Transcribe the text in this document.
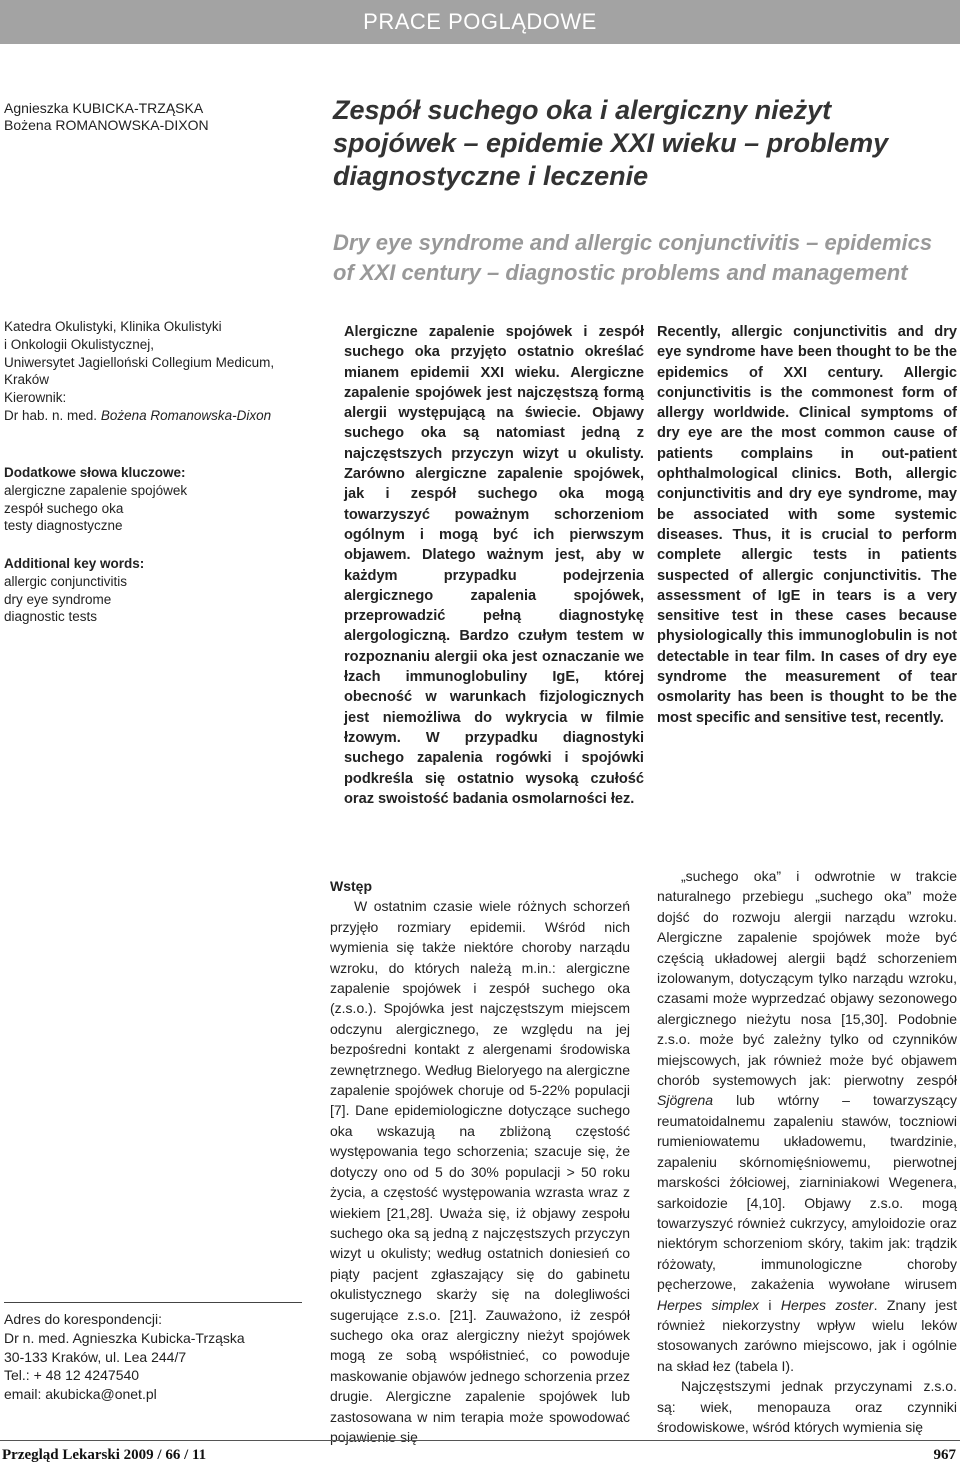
PRACE POGLĄDOWE
Agnieszka KUBICKA-TRZĄSKA
Bożena ROMANOWSKA-DIXON	Zespół suchego oka i alergiczny nieżyt spojówek – epidemie XXI wieku – problemy diagnostyczne i leczenie
Dry eye syndrome and allergic conjunctivitis – epidemics of XXI century – diagnostic problems and management
Katedra Okulistyki, Klinika Okulistyki
i Onkologii Okulistycznej,
Uniwersytet Jagielloński Collegium Medicum,
Kraków
Kierownik:
Dr hab. n. med. Bożena Romanowska-Dixon
Dodatkowe słowa kluczowe:
alergiczne zapalenie spojówek
zespół suchego oka
testy diagnostyczne
Additional key words:
allergic conjunctivitis
dry eye syndrome
diagnostic tests
Alergiczne zapalenie spojówek i zespół suchego oka przyjęto ostatnio określać mianem epidemii XXI wieku. Alergiczne zapalenie spojówek jest najczęstszą formą alergii występującą na świecie. Objawy suchego oka są natomiast jedną z najczęstszych przyczyn wizyt u okulisty. Zarówno alergiczne zapalenie spojówek, jak i zespół suchego oka mogą towarzyszyć poważnym schorzeniom ogólnym i mogą być ich pierwszym objawem. Dlatego ważnym jest, aby w każdym przypadku podejrzenia alergicznego zapalenia spojówek, przeprowadzić pełną diagnostykę alergologiczną. Bardzo czułym testem w rozpoznaniu alergii oka jest oznaczanie we łzach immunoglobuliny IgE, której obecność w warunkach fizjologicznych jest niemożliwa do wykrycia w filmie łzowym. W przypadku diagnostyki suchego zapalenia rogówki i spojówki podkreśla się ostatnio wysoką czułość oraz swoistość badania osmolarności łez.
Recently, allergic conjunctivitis and dry eye syndrome have been thought to be the epidemics of XXI century. Allergic conjunctivitis is the commonest form of allergy worldwide. Clinical symptoms of dry eye are the most common cause of patients complains in out-patient ophthalmological clinics. Both, allergic conjunctivitis and dry eye syndrome, may be associated with some systemic diseases. Thus, it is crucial to perform complete allergic tests in patients suspected of allergic conjunctivitis. The assessment of IgE in tears is a very sensitive test in these cases because physiologically this immunoglobulin is not detectable in tear film. In cases of dry eye syndrome the measurement of tear osmolarity has been is thought to be the most specific and sensitive test, recently.

Wstęp

W ostatnim czasie wiele różnych schorzeń przyjęło rozmiary epidemii. Wśród nich wymienia się także niektóre choroby narządu wzroku, do których należą m.in.: alergiczne zapalenie spojówek i zespół suchego oka (z.s.o.). Spojówka jest najczęstszym miejscem odczynu alergicznego, ze względu na jej bezpośredni kontakt z alergenami środowiska zewnętrznego. Według Bieloryego na alergiczne zapalenie spojówek choruje od 5-22% populacji [7]. Dane epidemiologiczne dotyczące suchego oka wskazują na zbliżoną częstość występowania tego schorzenia; szacuje się, że dotyczy ono od 5 do 30% populacji > 50 roku życia, a częstość występowania wzrasta wraz z wiekiem [21,28]. Uważa się, iż objawy zespołu suchego oka są jedną z najczęstszych przyczyn wizyt u okulisty; według ostatnich doniesień co piąty pacjent zgłaszający się do gabinetu okulistycznego skarży się na dolegliwości sugerujące z.s.o. [21]. Zauważono, iż zespół suchego oka oraz alergiczny nieżyt spojówek mogą ze sobą współistnieć, co powoduje maskowanie objawów jednego schorzenia przez drugie. Alergiczne zapalenie spojówek lub zastosowana w nim terapia może spowodować pojawienie się

„suchego oka” i odwrotnie w trakcie naturalnego przebiegu „suchego oka” może dojść do rozwoju alergii narządu wzroku. Alergiczne zapalenie spojówek może być częścią układowej alergii bądź schorzeniem izolowanym, dotyczącym tylko narządu wzroku, czasami może wyprzedzać objawy sezonowego alergicznego nieżytu nosa [15,30]. Podobnie z.s.o. może być zależny tylko od czynników miejscowych, jak również może być objawem chorób systemowych jak: pierwotny zespół Sjögrena lub wtórny – towarzyszący reumatoidalnemu zapaleniu stawów, toczniowi rumieniowatemu układowemu, twardzinie, zapaleniu skórnomięśniowemu, pierwotnej marskości żółciowej, ziarniniakowi Wegenera, sarkoidozie [4,10]. Objawy z.s.o. mogą towarzyszyć również cukrzycy, amyloidozie oraz niektórym schorzeniom skóry, takim jak: trądzik różowaty, immunologiczne choroby pęcherzowe, zakażenia wywołane wirusem Herpes simplex i Herpes zoster. Znany jest również niekorzystny wpływ wielu leków stosowanych zarówno miejscowo, jak i ogólnie na skład łez (tabela I).

Najczęstszymi jednak przyczynami z.s.o. są: wiek, menopauza oraz czynniki środowiskowe, wśród których wymienia się

Adres do korespondencji:
Dr n. med. Agnieszka Kubicka-Trząska
30-133 Kraków, ul. Lea 244/7
Tel.: + 48 12 4247540
email: akubicka@onet.pl
Przegląd Lekarski 2009 / 66 / 11	967
